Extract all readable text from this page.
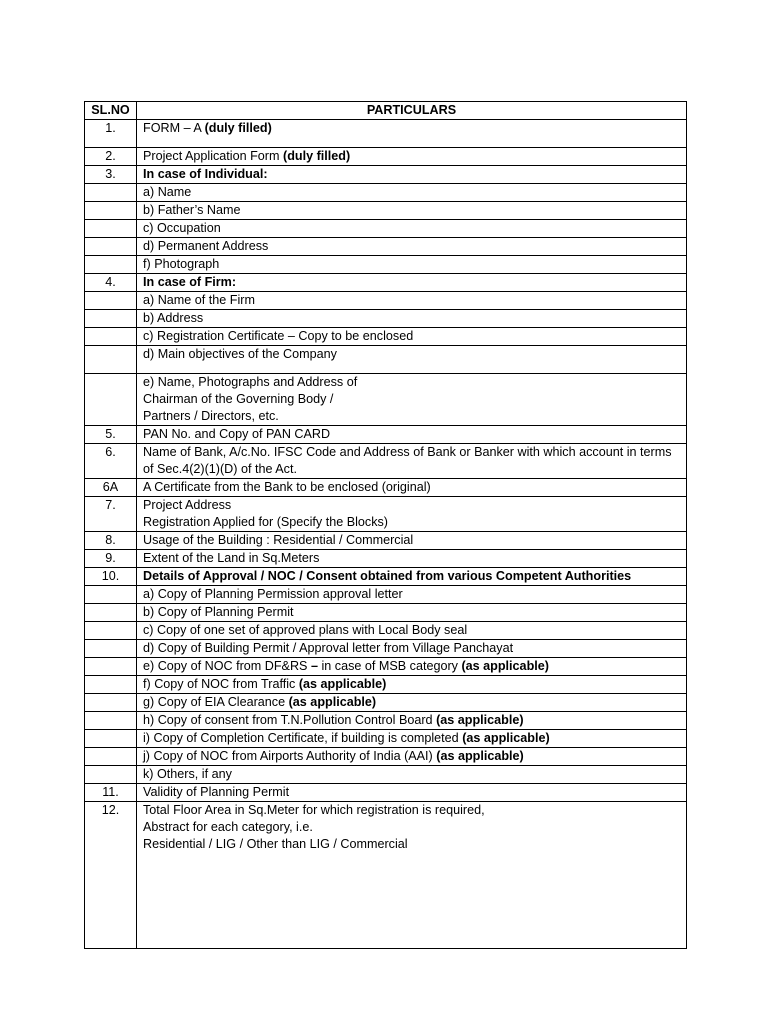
SL.NO	PARTICULARS
1.	FORM – A (duly filled)
2.	Project Application Form (duly filled)
3.	In case of Individual:
	a) Name
	b) Father’s Name
	c) Occupation
	d) Permanent Address
	f) Photograph
4.	In case of Firm:
	a) Name of the Firm
	b) Address
	c) Registration Certificate – Copy to be enclosed
	d) Main objectives of the Company
	e) Name, Photographs and Address of
Chairman of the Governing Body /
Partners / Directors, etc.
5.	PAN No. and Copy of PAN CARD
6.	Name of Bank, A/c.No. IFSC Code and Address of Bank or Banker with which account in terms of Sec.4(2)(1)(D) of the Act.
6A	A Certificate from the Bank to be enclosed (original)
7.	Project Address
Registration Applied for (Specify the Blocks)
8.	Usage of the Building : Residential / Commercial
9.	Extent of the Land in Sq.Meters
10.	Details of Approval / NOC / Consent obtained from various Competent Authorities
	a) Copy of Planning Permission approval letter
	b) Copy of Planning Permit
	c) Copy of one set of approved plans with Local Body seal
	d) Copy of Building Permit / Approval letter from Village Panchayat
	e) Copy of NOC from DF&RS – in case of MSB category (as applicable)
	f) Copy of NOC from Traffic (as applicable)
	g) Copy of EIA Clearance (as applicable)
	h) Copy of consent from T.N.Pollution Control Board (as applicable)
	i) Copy of Completion Certificate, if building is completed (as applicable)
	j) Copy of NOC from Airports Authority of India (AAI) (as applicable)
	k) Others, if any
11.	Validity of Planning Permit
12.	Total Floor Area in Sq.Meter for which registration is required,
Abstract for each category, i.e.
Residential / LIG / Other than LIG / Commercial
